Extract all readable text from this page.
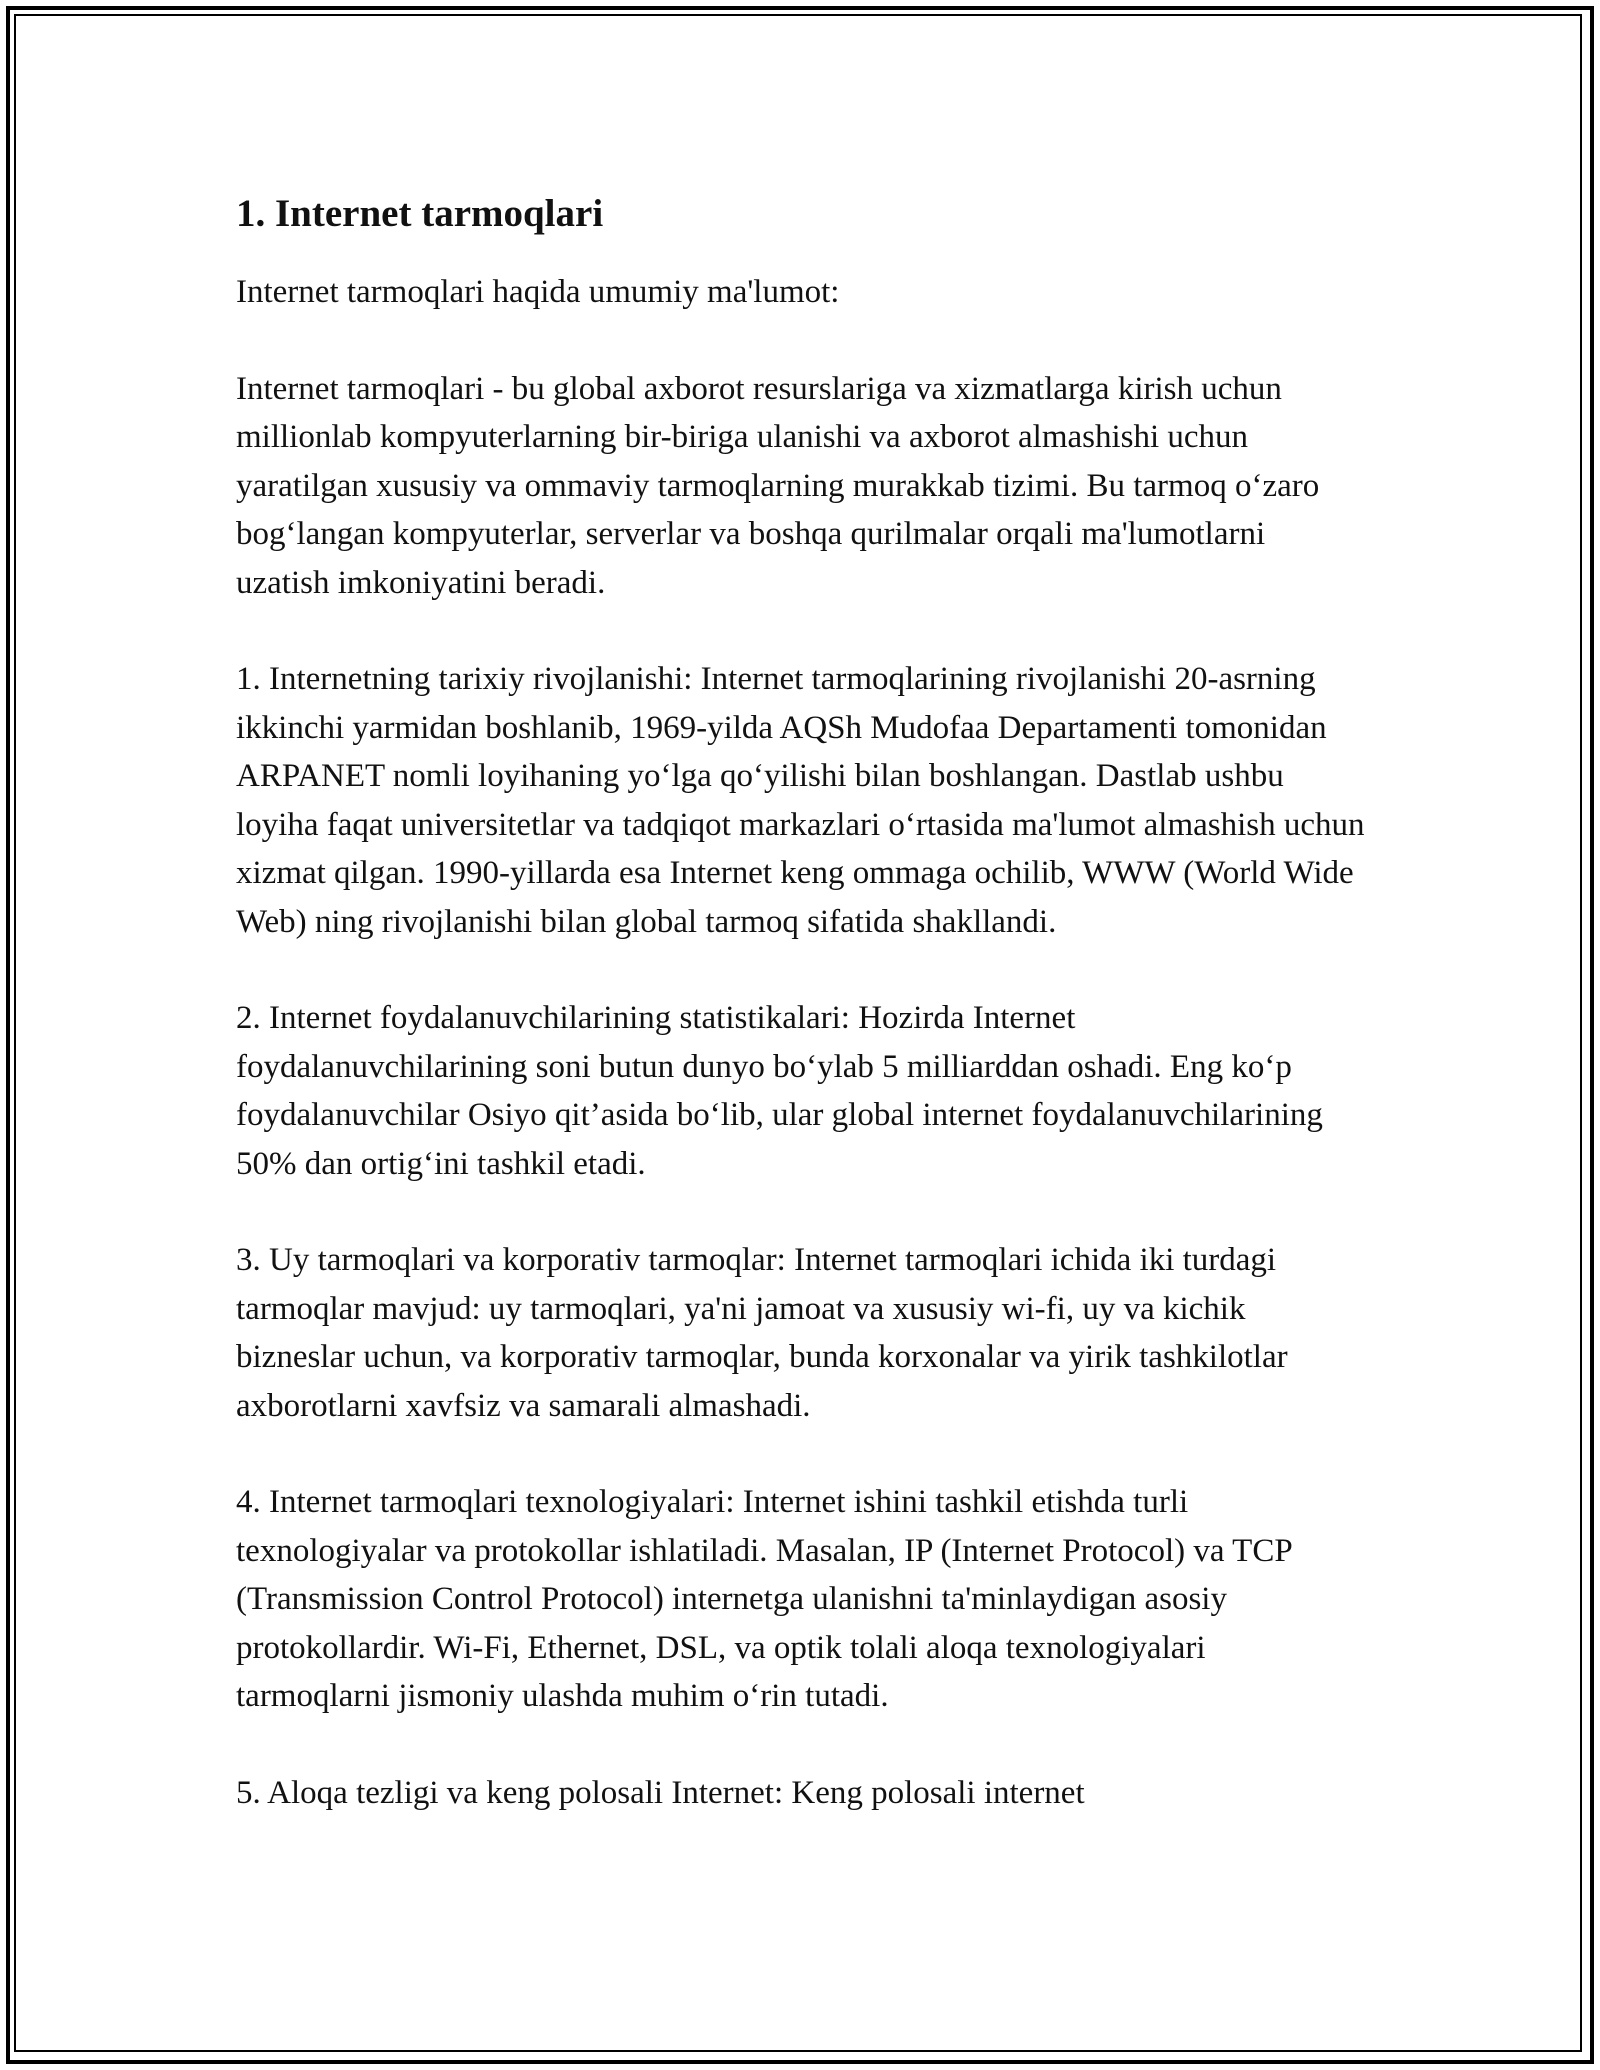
1. Internet tarmoqlari

Internet tarmoqlari haqida umumiy ma'lumot:

Internet tarmoqlari - bu global axborot resurslariga va xizmatlarga kirish uchun millionlab kompyuterlarning bir-biriga ulanishi va axborot almashishi uchun yaratilgan xususiy va ommaviy tarmoqlarning murakkab tizimi. Bu tarmoq o‘zaro bog‘langan kompyuterlar, serverlar va boshqa qurilmalar orqali ma'lumotlarni uzatish imkoniyatini beradi.

1. Internetning tarixiy rivojlanishi: Internet tarmoqlarining rivojlanishi 20-asrning ikkinchi yarmidan boshlanib, 1969-yilda AQSh Mudofaa Departamenti tomonidan ARPANET nomli loyihaning yo‘lga qo‘yilishi bilan boshlangan. Dastlab ushbu loyiha faqat universitetlar va tadqiqot markazlari o‘rtasida ma'lumot almashish uchun xizmat qilgan. 1990-yillarda esa Internet keng ommaga ochilib, WWW (World Wide Web) ning rivojlanishi bilan global tarmoq sifatida shakllandi.

2. Internet foydalanuvchilarining statistikalari: Hozirda Internet foydalanuvchilarining soni butun dunyo bo‘ylab 5 milliarddan oshadi. Eng ko‘p foydalanuvchilar Osiyo qit’asida bo‘lib, ular global internet foydalanuvchilarining 50% dan ortig‘ini tashkil etadi.

3. Uy tarmoqlari va korporativ tarmoqlar: Internet tarmoqlari ichida iki turdagi tarmoqlar mavjud: uy tarmoqlari, ya'ni jamoat va xususiy wi-fi, uy va kichik bizneslar uchun, va korporativ tarmoqlar, bunda korxonalar va yirik tashkilotlar axborotlarni xavfsiz va samarali almashadi.

4. Internet tarmoqlari texnologiyalari: Internet ishini tashkil etishda turli texnologiyalar va protokollar ishlatiladi. Masalan, IP (Internet Protocol) va TCP (Transmission Control Protocol) internetga ulanishni ta'minlaydigan asosiy protokollardir. Wi-Fi, Ethernet, DSL, va optik tolali aloqa texnologiyalari tarmoqlarni jismoniy ulashda muhim o‘rin tutadi.

5. Aloqa tezligi va keng polosali Internet: Keng polosali internet
